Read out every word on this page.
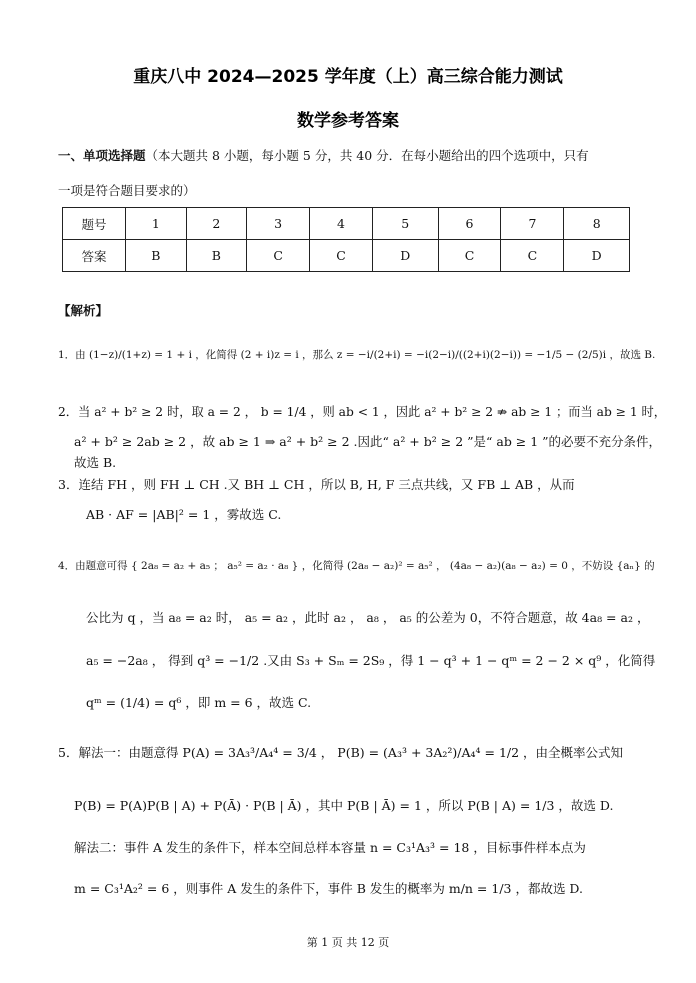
重庆八中 2024—2025 学年度（上）高三综合能力测试
数学参考答案
一、单项选择题（本大题共 8 小题，每小题 5 分，共 40 分．在每小题给出的四个选项中，只有
一项是符合题目要求的）
题号	1	2	3	4	5	6	7	8
答案	B	B	C	C	D	C	C	D
【解析】
1．由 (1−z)/(1+z) = 1 + i ，化简得 (2 + i)z = i ，那么 z = −i/(2+i) = −i(2−i)/((2+i)(2−i)) = −1/5 − (2/5)i ，故选 B.
2．当 a² + b² ≥ 2 时，取 a = 2 ， b = 1/4 ，则 ab < 1 ，因此 a² + b² ≥ 2 ⇏ ab ≥ 1 ；而当 ab ≥ 1 时，
a² + b² ≥ 2ab ≥ 2 ，故 ab ≥ 1 ⇒ a² + b² ≥ 2 .因此“ a² + b² ≥ 2 ”是“ ab ≥ 1 ”的必要不充分条件，
故选 B.
3．连结 FH ，则 FH ⊥ CH .又 BH ⊥ CH ，所以 B, H, F 三点共线，又 FB ⊥ AB ，从而
AB · AF = |AB|² = 1 ，雾故选 C.
4．由题意可得 { 2a₈ = a₂ + a₅ ； a₅² = a₂ · a₈ } ，化简得 (2a₈ − a₂)² = a₅² ， (4a₈ − a₂)(a₈ − a₂) = 0 ，不妨设 {aₙ} 的
公比为 q ，当 a₈ = a₂ 时， a₅ = a₂ ，此时 a₂ ， a₈ ， a₅ 的公差为 0，不符合题意，故 4a₈ = a₂ ，
a₅ = −2a₈ ， 得到 q³ = −1/2 .又由 S₃ + Sₘ = 2S₉ ，得 1 − q³ + 1 − qᵐ = 2 − 2 × q⁹ ，化简得
qᵐ = (1/4) = q⁶ ，即 m = 6 ，故选 C.
5．解法一：由题意得 P(A) = 3A₃³/A₄⁴ = 3/4 ， P(B) = (A₃³ + 3A₂²)/A₄⁴ = 1/2 ，由全概率公式知
P(B) = P(A)P(B | A) + P(Ā) · P(B | Ā) ，其中 P(B | Ā) = 1 ，所以 P(B | A) = 1/3 ，故选 D.
解法二：事件 A 发生的条件下，样本空间总样本容量 n = C₃¹A₃³ = 18 ，目标事件样本点为
m = C₃¹A₂² = 6 ，则事件 A 发生的条件下，事件 B 发生的概率为 m/n = 1/3 ，都故选 D.
第 1 页 共 12 页
